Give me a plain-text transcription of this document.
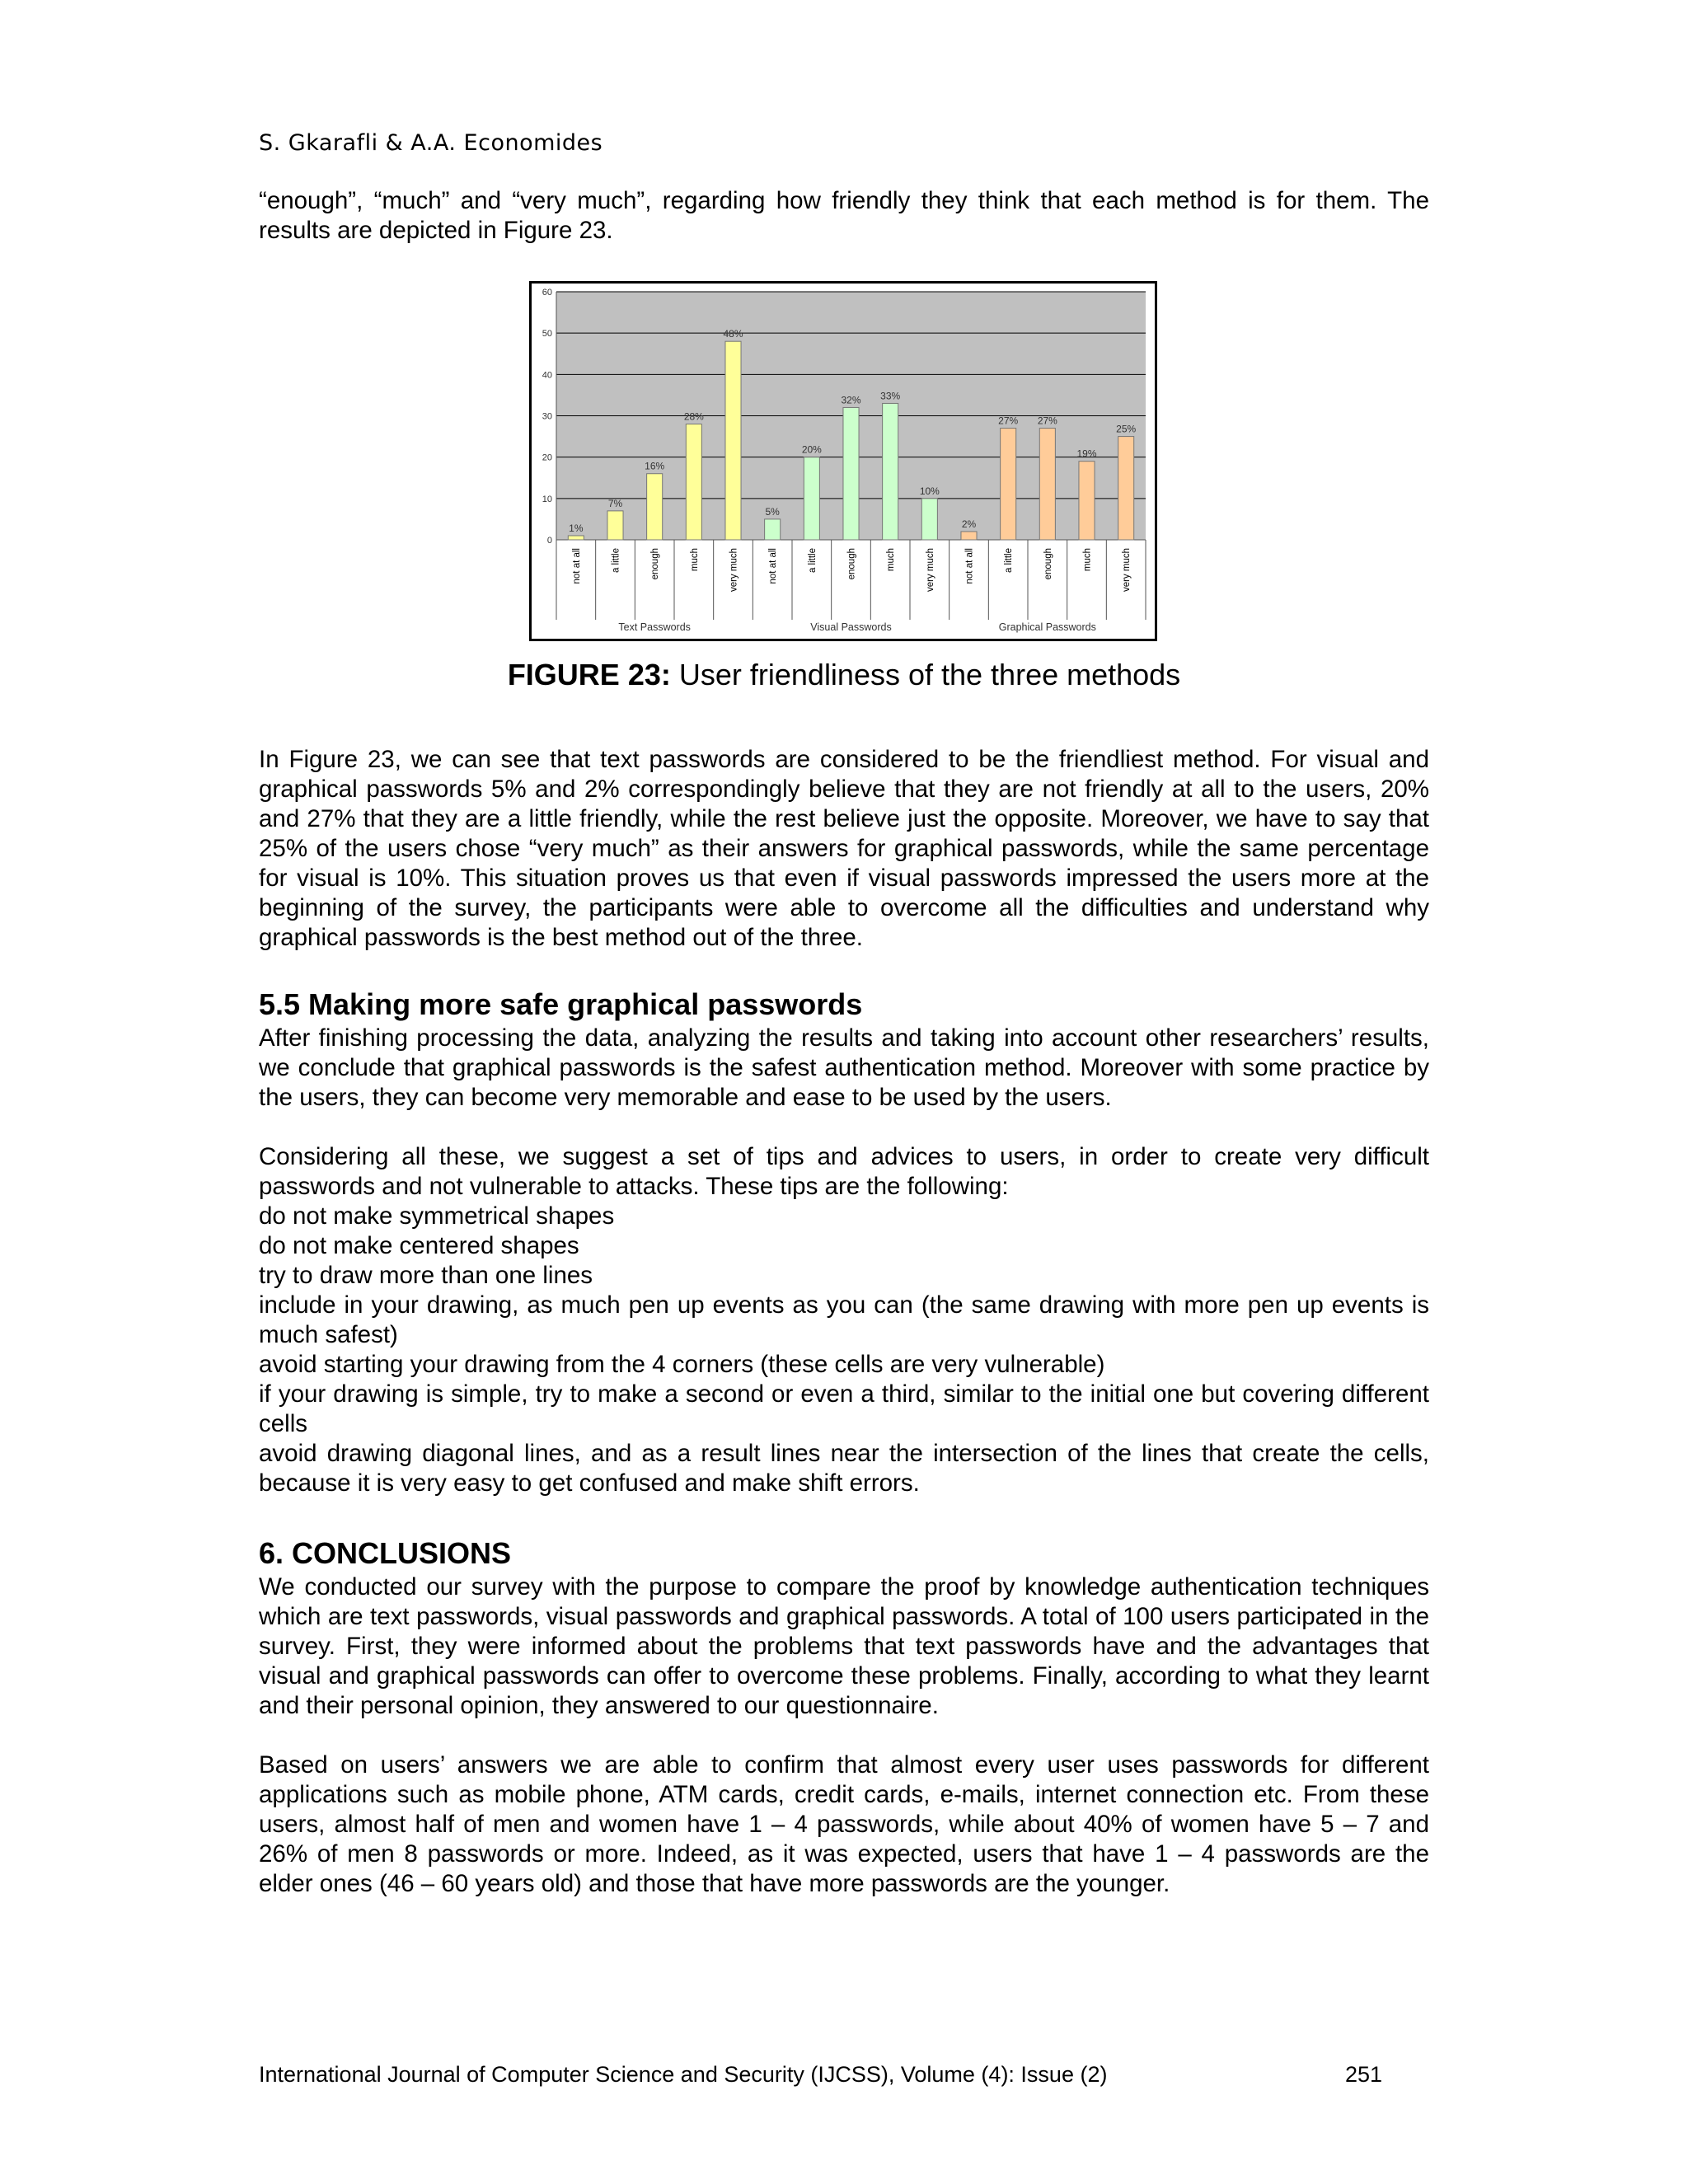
S. Gkarafli & A.A. Economides

“enough”, “much” and “very much”, regarding how friendly they think that each method is for them. The results are depicted in Figure 23.

0
10
20
30
40
50
60
1%
not at all
7%
a little
16%
enough
28%
much
48%
very much
Text Passwords
5%
not at all
20%
a little
32%
enough
33%
much
10%
very much
Visual Passwords
2%
not at all
27%
a little
27%
enough
19%
much
25%
very much
Graphical Passwords
FIGURE 23: User friendliness of the three methods

In Figure 23, we can see that text passwords are considered to be the friendliest method. For visual and graphical passwords 5% and 2% correspondingly believe that they are not friendly at all to the users, 20% and 27% that they are a little friendly, while the rest believe just the opposite. Moreover, we have to say that 25% of the users chose “very much” as their answers for graphical passwords, while the same percentage for visual is 10%. This situation proves us that even if visual passwords impressed the users more at the beginning of the survey, the participants were able to overcome all the difficulties and understand why graphical passwords is the best method out of the three.

5.5 Making more safe graphical passwords

After finishing processing the data, analyzing the results and taking into account other researchers’ results, we conclude that graphical passwords is the safest authentication method. Moreover with some practice by the users, they can become very memorable and ease to be used by the users.

Considering all these, we suggest a set of tips and advices to users, in order to create very difficult passwords and not vulnerable to attacks. These tips are the following:

do not make symmetrical shapes

do not make centered shapes

try to draw more than one lines

include in your drawing, as much pen up events as you can (the same drawing with more pen up events is much safest)

avoid starting your drawing from the 4 corners (these cells are very vulnerable)

if your drawing is simple, try to make a second or even a third, similar to the initial one but covering different cells

avoid drawing diagonal lines, and as a result lines near the intersection of the lines that create the cells, because it is very easy to get confused and make shift errors.

6. CONCLUSIONS

We conducted our survey with the purpose to compare the proof by knowledge authentication techniques which are text passwords, visual passwords and graphical passwords. A total of 100 users participated in the survey. First, they were informed about the problems that text passwords have and the advantages that visual and graphical passwords can offer to overcome these problems. Finally, according to what they learnt and their personal opinion, they answered to our questionnaire.

Based on users’ answers we are able to confirm that almost every user uses passwords for different applications such as mobile phone, ATM cards, credit cards, e-mails, internet connection etc. From these users, almost half of men and women have 1 – 4 passwords, while about 40% of women have 5 – 7 and 26% of men 8 passwords or more. Indeed, as it was expected, users that have 1 – 4 passwords are the elder ones (46 – 60 years old) and those that have more passwords are the younger.

International Journal of Computer Science and Security (IJCSS), Volume (4): Issue (2)	251
